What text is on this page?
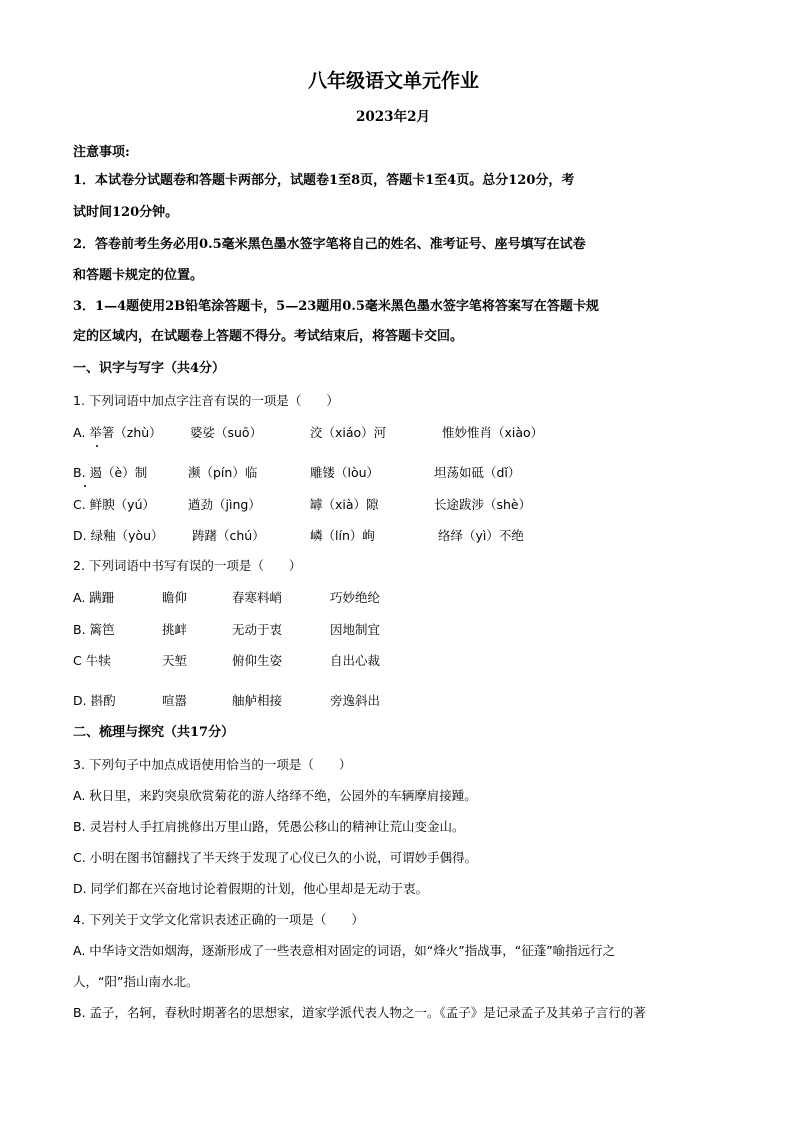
八年级语文单元作业
2023年2月
注意事项:
1．本试卷分试题卷和答题卡两部分，试题卷1至8页，答题卡1至4页。总分120分，考
试时间120分钟。
2．答卷前考生务必用0.5毫米黑色墨水签字笔将自己的姓名、准考证号、座号填写在试卷
和答题卡规定的位置。
3．1—4题使用2B铅笔涂答题卡，5—23题用0.5毫米黑色墨水签字笔将答案写在答题卡规
定的区域内，在试题卷上答题不得分。考试结束后，将答题卡交回。
一、识字与写字（共4分）
1. 下列词语中加点字注音有误的一项是（　　）
A. 举箸（zhù） 婆娑（suō）	洨（xiáo）河	惟妙惟肖（xiào）
B. 遏（è）制	濒（pín）临	雕镂（lòu）	坦荡如砥（dǐ）
C. 鲜腴（yú）	遒劲（jìng）	罅（xià）隙	长途跋涉（shè）
D. 绿釉（yòu） 踌躇（chú）	嶙（lín）峋	络绎（yì）不绝
2. 下列词语中书写有误的一项是（　　）
A. 蹒跚	瞻仰	春寒料峭	巧妙绝纶
B. 篱笆	挑衅	无动于衷	因地制宜
C 牛犊	天堑	俯仰生姿	自出心裁
D. 斟酌	喧嚣	舳舻相接	旁逸斜出
二、梳理与探究（共17分）
3. 下列句子中加点成语使用恰当的一项是（　　）
A. 秋日里，来趵突泉欣赏菊花的游人络绎不绝，公园外的车辆摩肩接踵。
B. 灵岩村人手扛肩挑修出万里山路，凭愚公移山的精神让荒山变金山。
C. 小明在图书馆翻找了半天终于发现了心仪已久的小说，可谓妙手偶得。
D. 同学们都在兴奋地讨论着假期的计划，他心里却是无动于衷。
4. 下列关于文学文化常识表述正确的一项是（　　）
A. 中华诗文浩如烟海，逐渐形成了一些表意相对固定的词语，如“烽火”指战事，“征蓬”喻指远行之
人，“阳”指山南水北。
B. 孟子，名轲，春秋时期著名的思想家，道家学派代表人物之一。《孟子》是记录孟子及其弟子言行的著
